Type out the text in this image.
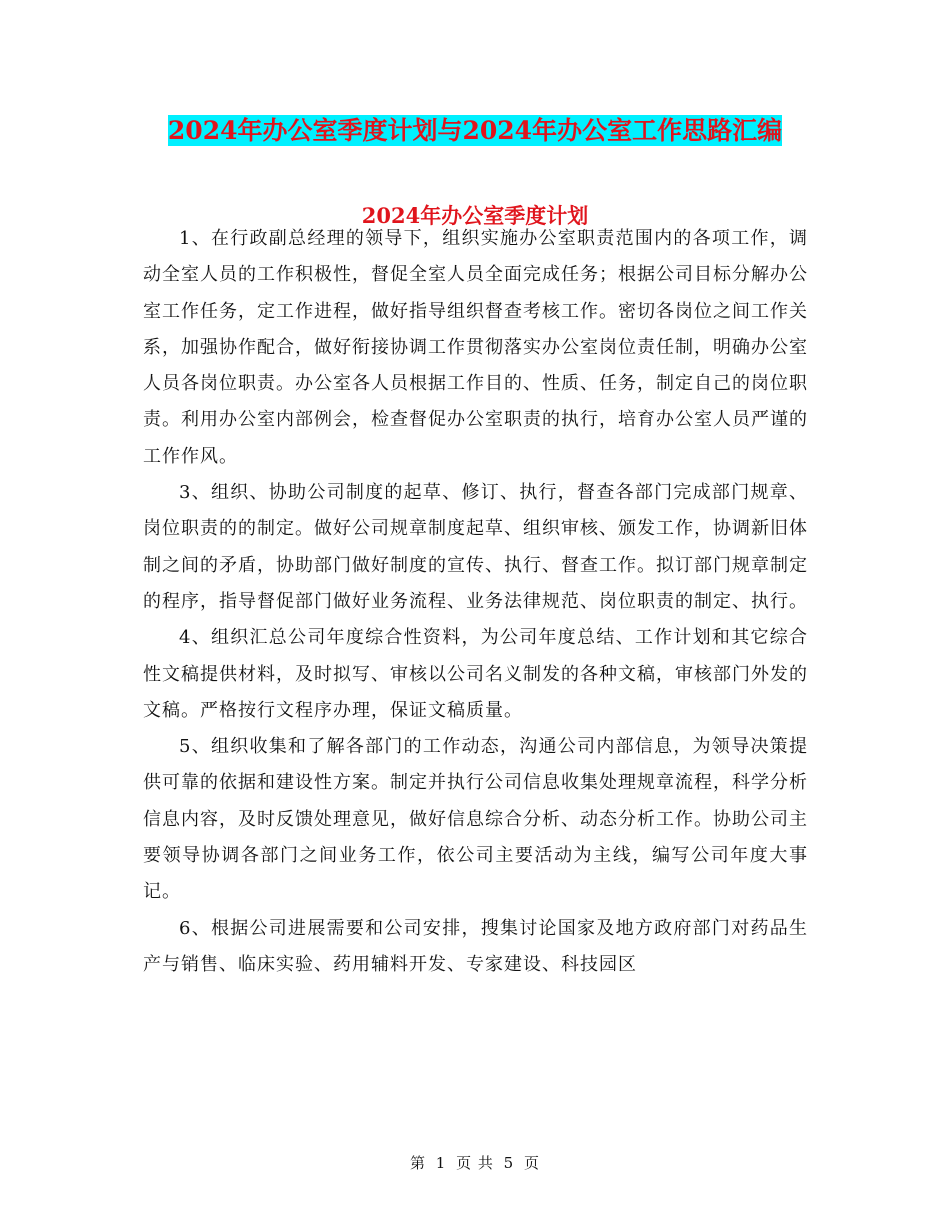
2024年办公室季度计划与2024年办公室工作思路汇编
2024年办公室季度计划

1、在行政副总经理的领导下，组织实施办公室职责范围内的各项工作，调动全室人员的工作积极性，督促全室人员全面完成任务；根据公司目标分解办公室工作任务，定工作进程，做好指导组织督查考核工作。密切各岗位之间工作关系，加强协作配合，做好衔接协调工作贯彻落实办公室岗位责任制，明确办公室人员各岗位职责。办公室各人员根据工作目的、性质、任务，制定自己的岗位职责。利用办公室内部例会，检查督促办公室职责的执行，培育办公室人员严谨的工作作风。

3、组织、协助公司制度的起草、修订、执行，督查各部门完成部门规章、岗位职责的的制定。做好公司规章制度起草、组织审核、颁发工作，协调新旧体制之间的矛盾，协助部门做好制度的宣传、执行、督查工作。拟订部门规章制定的程序，指导督促部门做好业务流程、业务法律规范、岗位职责的制定、执行。

4、组织汇总公司年度综合性资料，为公司年度总结、工作计划和其它综合性文稿提供材料，及时拟写、审核以公司名义制发的各种文稿，审核部门外发的文稿。严格按行文程序办理，保证文稿质量。

5、组织收集和了解各部门的工作动态，沟通公司内部信息，为领导决策提供可靠的依据和建设性方案。制定并执行公司信息收集处理规章流程，科学分析信息内容，及时反馈处理意见，做好信息综合分析、动态分析工作。协助公司主要领导协调各部门之间业务工作，依公司主要活动为主线，编写公司年度大事记。

6、根据公司进展需要和公司安排，搜集讨论国家及地方政府部门对药品生产与销售、临床实验、药用辅料开发、专家建设、科技园区

第 1 页 共 5 页
